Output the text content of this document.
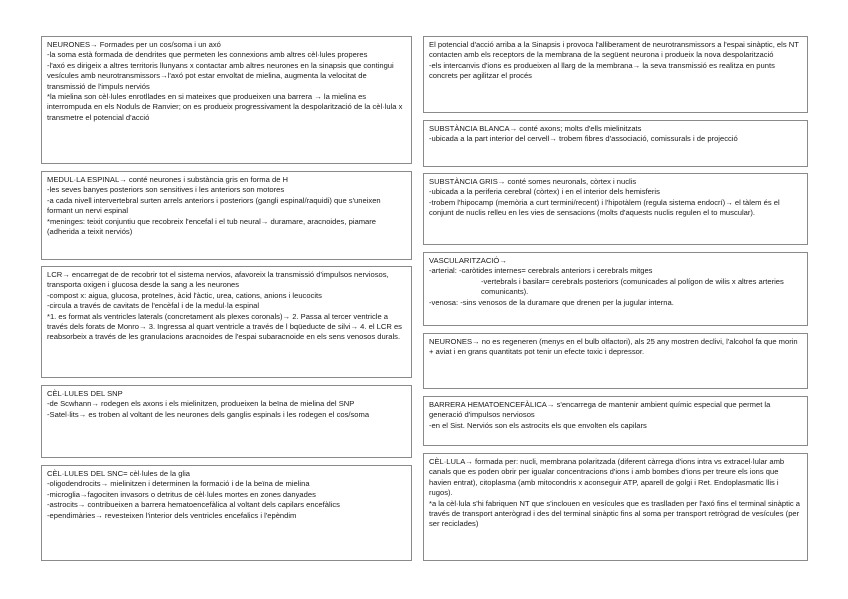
NEURONES→ Formades per un cos/soma i un axó

-la soma està formada de dendrites que permeten les connexions amb altres cèl·lules properes

-l'axó es dirigeix a altres territoris llunyans x contactar amb altres neurones en la sinapsis que contingui vesícules amb neurotransmissors→l'axó pot estar envoltat de mielina, augmenta la velocitat de transmissió de l'impuls nerviós

*la mielina son cèl·lules enrotllades en si mateixes que produeixen una barrera → la mielina es interrompuda en els Noduls de Ranvier; on es produeix progressivament la despolarització de la cèl·lula x transmetre el potencial d'acció

MEDUL·LA ESPINAL→ conté neurones i substància gris en forma de H

-les seves banyes posteriors son sensitives i les anteriors son motores

-a cada nivell intervertebral surten arrels anteriors i posteriors (gangli espinal/raquidi) que s'uneixen formant un nervi espinal

*meninges: teixit conjuntiu que recobreix l'encefal i el tub neural→ duramare, aracnoides, piamare (adherida a teixit nerviós)

LCR→ encarregat de de recobrir tot el sistema nervios, afavoreix la transmissió d'impulsos nerviosos, transporta oxigen i glucosa desde la sang a les neurones

-compost x: aigua, glucosa, proteïnes, àcid l'àctic, urea, cations, anions i leucocits

-circula a través de cavitats de l'encèfal i de la medul·la espinal

*1. es format als ventricles laterals (concretament als plexes coronals)→ 2. Passa al tercer ventricle a través dels forats de Monro→ 3. Ingressa al quart ventricle a través de l bqüeducte de silvi→ 4. el LCR es reabsorbeix a través de les granulacions aracnoides de l'espai subaracnoide en els sens venosos durals.

CÈL·LULES DEL SNP

-de Scwhann→ rodegen els axons i els mielinitzen, produeixen la beïna de mielina del SNP

-Satel·lits→ es troben al voltant de les neurones dels ganglis espinals i les rodegen el cos/soma

CÈL·LULES DEL SNC= cèl·lules de la glia

-oligodendrocits→ mielinitzen i determinen la formació i de la beïna de mielina

-microglia→fagociten invasors o detritus de cèl·lules mortes en zones danyades

-astrocits→ contribueixen a barrera hematoencefàlica al voltant dels capilars encefàlics

-ependimàries→ revesteixen l'interior dels ventricles encefalics i l'epèndim

El potencial d'acció arriba a la Sinapsis i provoca l'alliberament de neurotransmissors a l'espai sinàptic, els NT contacten amb els receptors de la membrana de la següent neurona i produeix la nova despolarització

-els intercanvis d'ions es produeixen al llarg de la membrana→ la seva transmissió es realitza en punts concrets per agilitzar el procés

SUBSTÀNCIA BLANCA→ conté axons; molts d'ells mielinitzats

-ubicada a la part interior del cervell→ trobem fibres d'associació, comissurals i de projecció

SUBSTÀNCIA GRIS→ conté somes neuronals, còrtex i nuclis

-ubicada a la periferia cerebral (còrtex) i en el interior dels hemisferis

-trobem l'hipocamp (memòria a curt termini/recent) i l'hipotàlem (regula sistema endocrí)→ el tàlem és el conjunt de nuclis relleu en les vies de sensacions (molts d'aquests nuclis regulen el to muscular).

VASCULARITZACIÓ→

-arterial: -caròtides internes= cerebrals anteriors i cerebrals mitges

-vertebrals i basilar= cerebrals posteriors (comunicades al polígon de wilis x altres arteries comunicants).

-venosa: -sins venosos de la duramare que drenen per la jugular interna.

NEURONES→ no es regeneren (menys en el bulb olfactori), als 25 any mostren declivi, l'alcohol fa que morin + aviat i en grans quantitats pot tenir un efecte toxic i depressor.

BARRERA HEMATOENCEFÀLICA→ s'encarrega de mantenir ambient químic especial que permet la generació d'impulsos nerviosos

-en el Sist. Nerviós son els astrocits els que envolten els capilars

CÈL·LULA→ formada per: nucli, membrana polaritzada (diferent càrrega d'ions intra vs extracel·lular amb canals que es poden obrir per igualar concentracions d'ions i amb bombes d'ions per treure els ions que havien entrat), citoplasma (amb mitocondris x aconseguir ATP, aparell de golgi i Ret. Endoplasmatic llis i rugos).

*a la cèl·lula s'hi fabriquen NT que s'inclouen en vesícules que es traslladen per l'axó fins el terminal sinàptic a través de transport anterògrad i des del terminal sinàptic fins al soma per transport retrògrad de vesícules (per ser reciclades)
